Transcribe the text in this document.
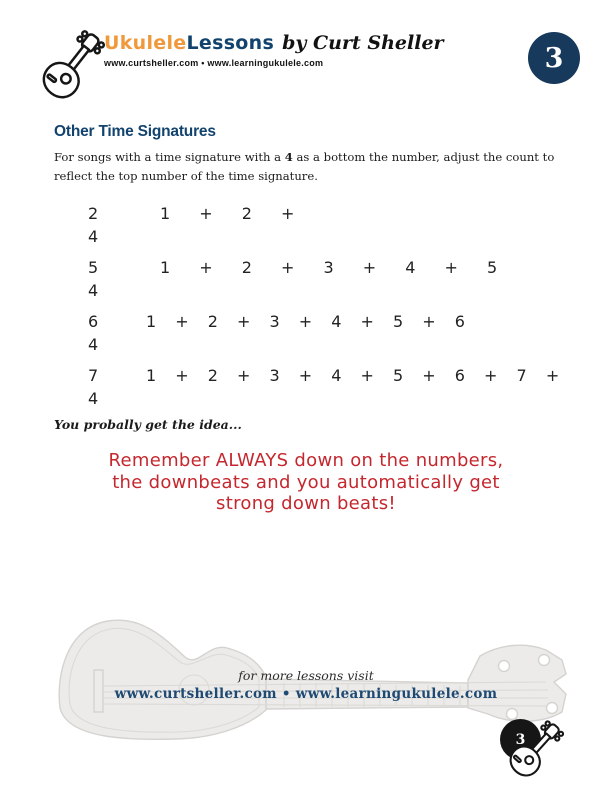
Ukulele Lessons by Curt Sheller
www.curtsheller.com • www.learningukulele.com	3
Other Time Signatures

For songs with a time signature with a 4 as a bottom the number, adjust the count to reflect the top number of the time signature.

2
4
1 + 2 +
5
4
1 + 2 + 3 + 4 + 5
6
4
1 + 2 + 3 + 4 + 5 + 6
7
4
1 + 2 + 3 + 4 + 5 + 6 + 7 +

You probally get the idea...

Remember ALWAYS down on the numbers,
the downbeats and you automatically get
strong down beats!
for more lessons visit
www.curtsheller.com • www.learningukulele.com
3
